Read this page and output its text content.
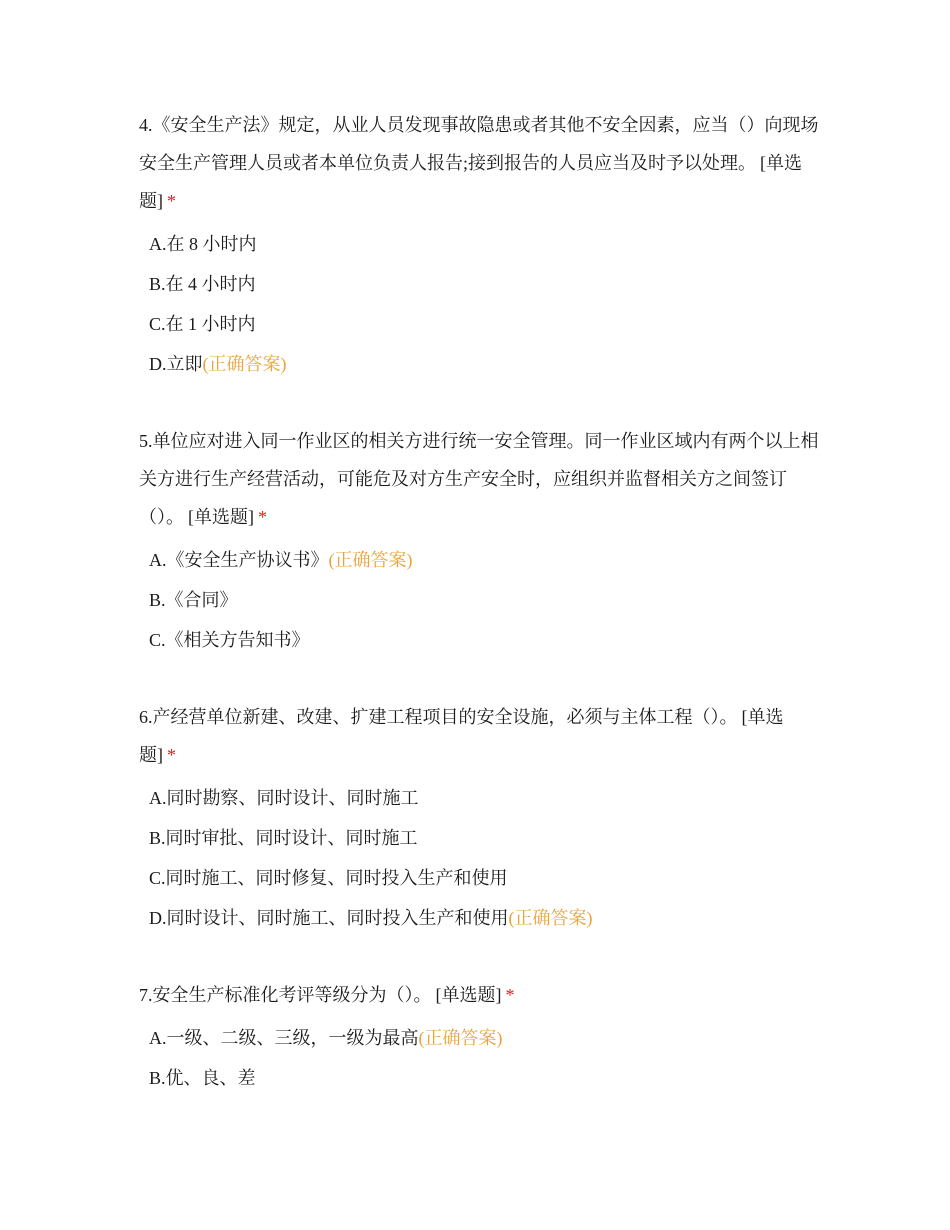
4.《安全生产法》规定，从业人员发现事故隐患或者其他不安全因素，应当（）向现场安全生产管理人员或者本单位负责人报告;接到报告的人员应当及时予以处理。 [单选题] *

A.在 8 小时内
B.在 4 小时内
C.在 1 小时内
D.立即(正确答案)

5.单位应对进入同一作业区的相关方进行统一安全管理。同一作业区域内有两个以上相关方进行生产经营活动，可能危及对方生产安全时，应组织并监督相关方之间签订（）。 [单选题] *

A.《安全生产协议书》(正确答案)
B.《合同》
C.《相关方告知书》

6.产经营单位新建、改建、扩建工程项目的安全设施，必须与主体工程（）。 [单选题] *

A.同时勘察、同时设计、同时施工
B.同时审批、同时设计、同时施工
C.同时施工、同时修复、同时投入生产和使用
D.同时设计、同时施工、同时投入生产和使用(正确答案)

7.安全生产标准化考评等级分为（）。 [单选题] *

A.一级、二级、三级，一级为最高(正确答案)
B.优、良、差
